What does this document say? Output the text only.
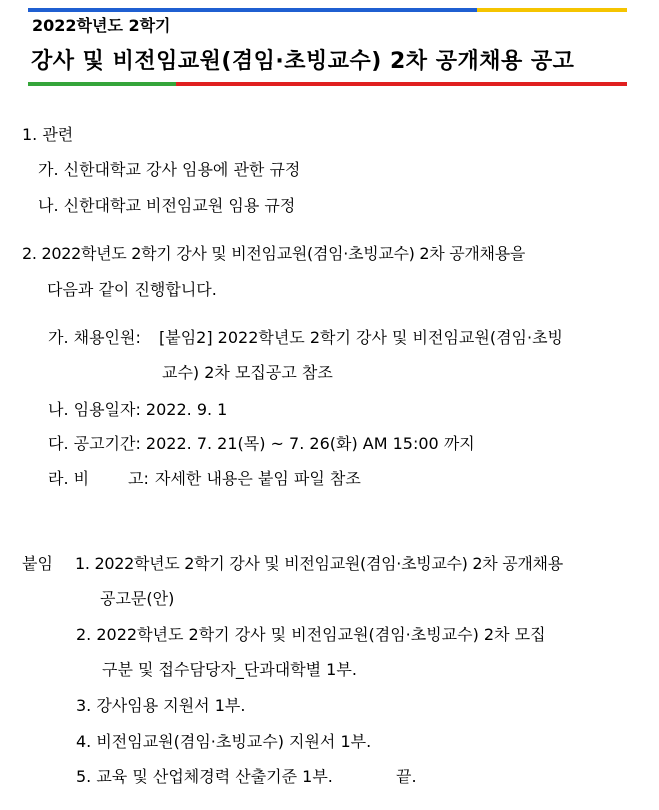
2022학년도 2학기
강사 및 비전임교원(겸임·초빙교수) 2차 공개채용 공고
1. 관련
가. 신한대학교 강사 임용에 관한 규정
나. 신한대학교 비전임교원 임용 규정
2. 2022학년도 2학기 강사 및 비전임교원(겸임·초빙교수) 2차 공개채용을
다음과 같이 진행합니다.
가. 채용인원: [붙임2] 2022학년도 2학기 강사 및 비전임교원(겸임·초빙
교수) 2차 모집공고 참조
나. 임용일자: 2022. 9. 1
다. 공고기간: 2022. 7. 21(목) ~ 7. 26(화) AM 15:00 까지
라. 비 고: 자세한 내용은 붙임 파일 참조
붙임 1. 2022학년도 2학기 강사 및 비전임교원(겸임·초빙교수) 2차 공개채용
공고문(안)
2. 2022학년도 2학기 강사 및 비전임교원(겸임·초빙교수) 2차 모집
구분 및 접수담당자_단과대학별 1부.
3. 강사임용 지원서 1부.
4. 비전임교원(겸임·초빙교수) 지원서 1부.
5. 교육 및 산업체경력 산출기준 1부.	끝.
